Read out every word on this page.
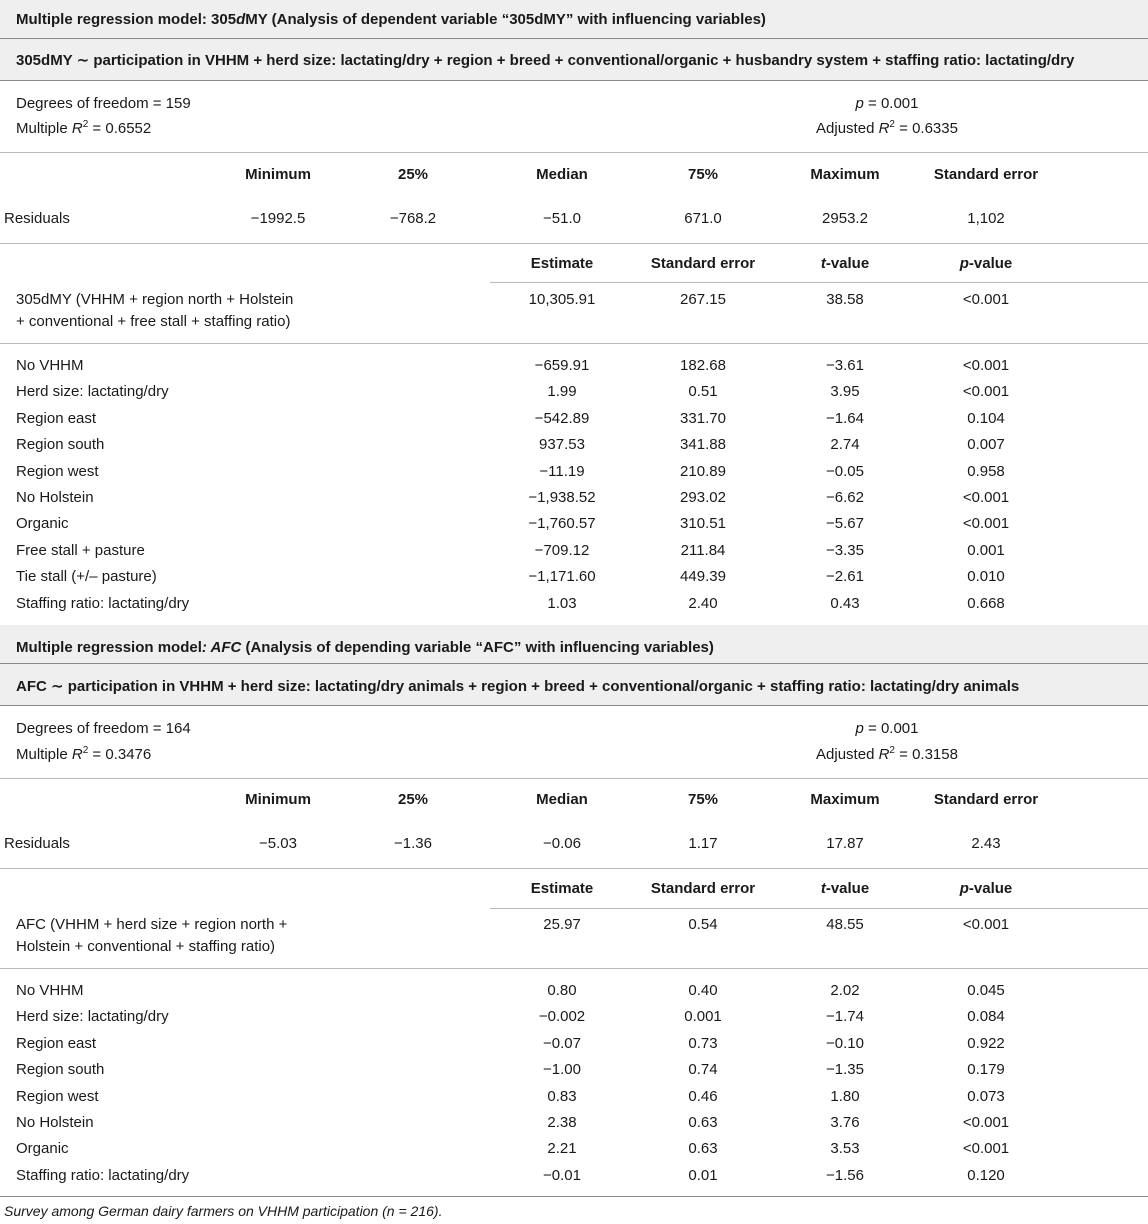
Multiple regression model: 305dMY (Analysis of dependent variable “305dMY” with influencing variables)
305dMY ∼ participation in VHHM + herd size: lactating/dry + region + breed + conventional/organic + husbandry system + staffing ratio: lactating/dry
Degrees of freedom = 159	p = 0.001
Multiple $R^2 = 0.6552$	Adjusted $R^2 = 0.6335$
Minimum	25%	Median	75%	Maximum	Standard error
Residuals	−1992.5	−768.2	−51.0	671.0	2953.2	1,102
Estimate	Standard error	t-value	p-value
305dMY (VHHM + region north + Holstein
+ conventional + free stall + staffing ratio)
10,305.91	267.15	38.58	<0.001
No VHHM	−659.91	182.68	−3.61	<0.001
Herd size: lactating/dry	1.99	0.51	3.95	<0.001
Region east	−542.89	331.70	−1.64	0.104
Region south	937.53	341.88	2.74	0.007
Region west	−11.19	210.89	−0.05	0.958
No Holstein	−1,938.52	293.02	−6.62	<0.001
Organic	−1,760.57	310.51	−5.67	<0.001
Free stall + pasture	−709.12	211.84	−3.35	0.001
Tie stall (+/– pasture)	−1,171.60	449.39	−2.61	0.010
Staffing ratio: lactating/dry	1.03	2.40	0.43	0.668
Multiple regression model: AFC (Analysis of depending variable “AFC” with influencing variables)
AFC ∼ participation in VHHM + herd size: lactating/dry animals + region + breed + conventional/organic + staffing ratio: lactating/dry animals
Degrees of freedom = 164	p = 0.001
Multiple $R^2 = 0.3476$	Adjusted $R^2 = 0.3158$
Minimum	25%	Median	75%	Maximum	Standard error
Residuals	−5.03	−1.36	−0.06	1.17	17.87	2.43
Estimate	Standard error	t-value	p-value
AFC (VHHM + herd size + region north +
Holstein + conventional + staffing ratio)
25.97	0.54	48.55	<0.001
No VHHM	0.80	0.40	2.02	0.045
Herd size: lactating/dry	−0.002	0.001	−1.74	0.084
Region east	−0.07	0.73	−0.10	0.922
Region south	−1.00	0.74	−1.35	0.179
Region west	0.83	0.46	1.80	0.073
No Holstein	2.38	0.63	3.76	<0.001
Organic	2.21	0.63	3.53	<0.001
Staffing ratio: lactating/dry	−0.01	0.01	−1.56	0.120
Survey among German dairy farmers on VHHM participation (n = 216).
